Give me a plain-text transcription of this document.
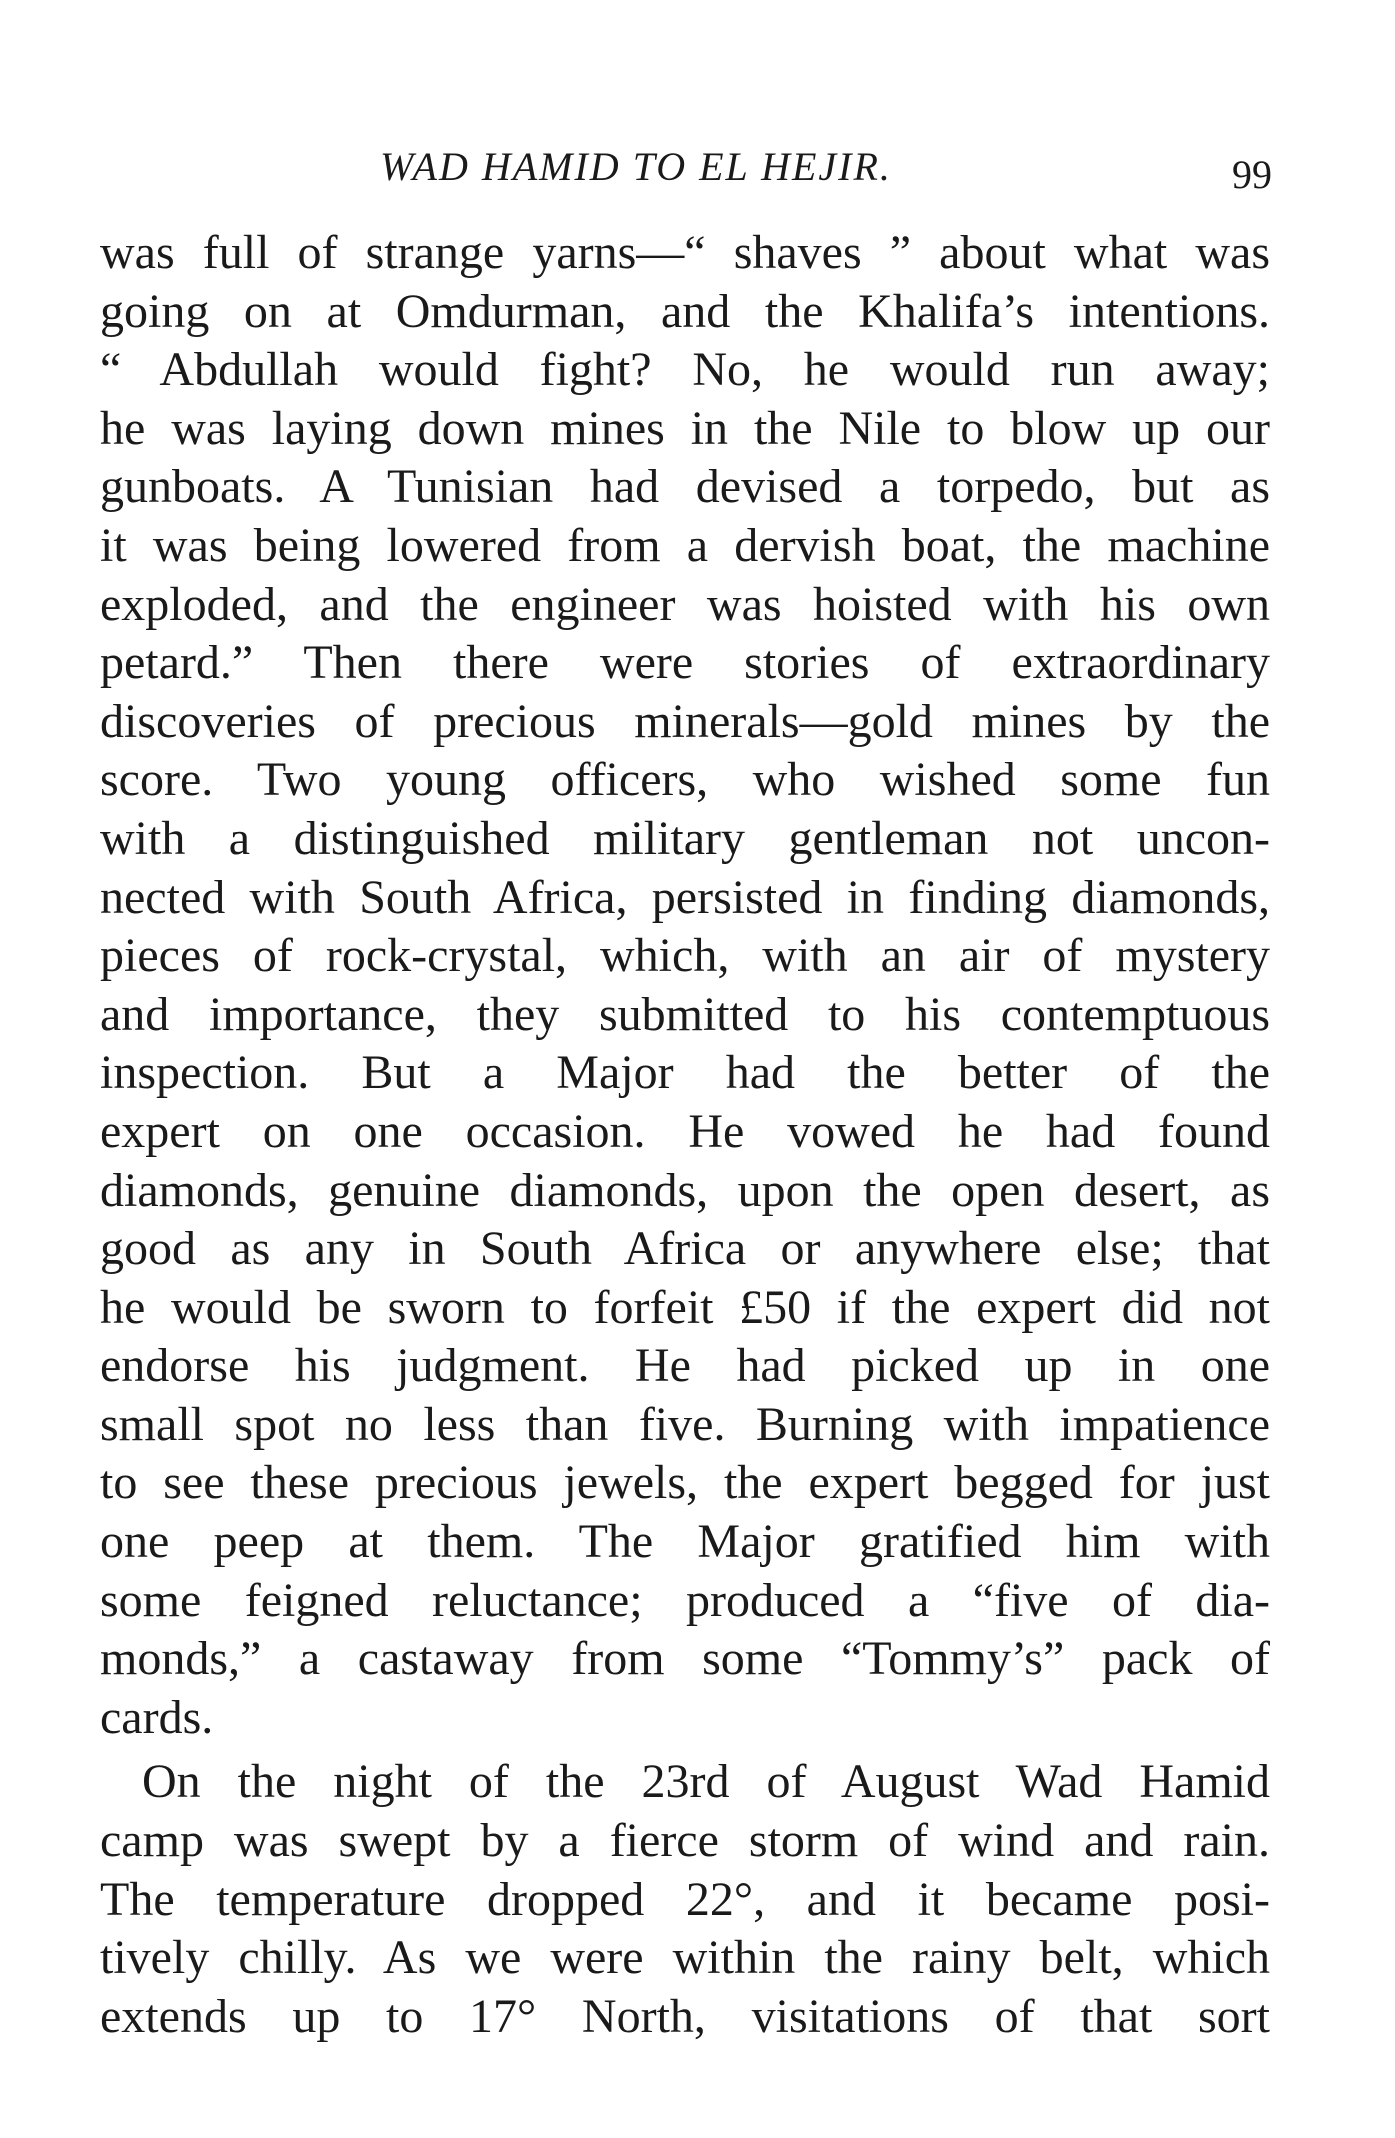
WAD HAMID TO EL HEJIR.	99
was full of strange yarns—“ shaves ” about what was
going on at Omdurman, and the Khalifa’s intentions.
“ Abdullah would fight? No, he would run away;
he was laying down mines in the Nile to blow up our
gunboats. A Tunisian had devised a torpedo, but as
it was being lowered from a dervish boat, the machine
exploded, and the engineer was hoisted with his own
petard.” Then there were stories of extraordinary
discoveries of precious minerals—gold mines by the
score. Two young officers, who wished some fun
with a distinguished military gentleman not uncon-
nected with South Africa, persisted in finding diamonds,
pieces of rock-crystal, which, with an air of mystery
and importance, they submitted to his contemptuous
inspection. But a Major had the better of the
expert on one occasion. He vowed he had found
diamonds, genuine diamonds, upon the open desert, as
good as any in South Africa or anywhere else; that
he would be sworn to forfeit £50 if the expert did not
endorse his judgment. He had picked up in one
small spot no less than five. Burning with impatience
to see these precious jewels, the expert begged for just
one peep at them. The Major gratified him with
some feigned reluctance; produced a “five of dia-
monds,” a castaway from some “Tommy’s” pack of
cards.
On the night of the 23rd of August Wad Hamid
camp was swept by a fierce storm of wind and rain.
The temperature dropped 22°, and it became posi-
tively chilly. As we were within the rainy belt, which
extends up to 17° North, visitations of that sort
